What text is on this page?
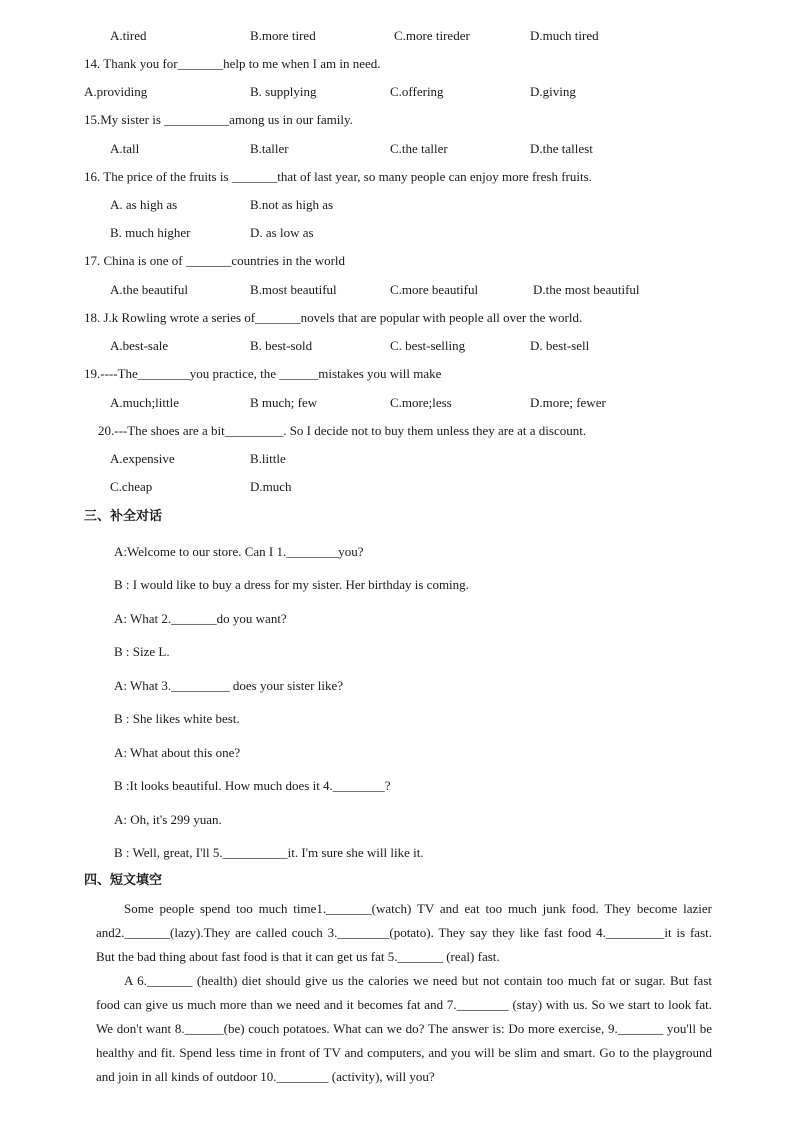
A.tired	B.more tired	C.more tireder	D.much tired
14. Thank you for_______help to me when I am in need.
A.providing	B. supplying	C.offering	D.giving
15.My sister is __________among us in our family.
A.tall	B.taller	C.the taller	D.the tallest
16. The price of the fruits is _______that of last year, so many people can enjoy more fresh fruits.
A. as high as	B.not as high as
B. much higher	D. as low as
17. China is one of _______countries in the world
A.the beautiful	B.most beautiful	C.more beautiful	D.the most beautiful
18. J.k Rowling wrote a series of_______novels that are popular with people all over the world.
A.best-sale	B. best-sold	C. best-selling	D. best-sell
19.----The________you practice, the ______mistakes you will make
A.much;little	B much; few	C.more;less	D.more; fewer
20.---The shoes are a bit_________. So I decide not to buy them unless they are at a discount.
A.expensive	B.little
C.cheap	D.much
三、补全对话
A:Welcome to our store. Can I 1.________you?
B : I would like to buy a dress for my sister. Her birthday is coming.
A: What 2._______do you want?
B : Size L.
A: What 3._________ does your sister like?
B : She likes white best.
A: What about this one?
B :It looks beautiful. How much does it 4.________?
A: Oh, it's 299 yuan.
B : Well, great, I'll 5.__________it. I'm sure she will like it.
四、短文填空
Some people spend too much time1._______(watch) TV and eat too much junk food. They become lazier and2._______(lazy).They are called couch 3.________(potato). They say they like fast food 4._________it is fast. But the bad thing about fast food is that it can get us fat 5._______ (real) fast.
A 6._______ (health) diet should give us the calories we need but not contain too much fat or sugar. But fast food can give us much more than we need and it becomes fat and 7.________ (stay) with us. So we start to look fat. We don't want 8.______(be) couch potatoes. What can we do? The answer is: Do more exercise, 9._______ you'll be healthy and fit. Spend less time in front of TV and computers, and you will be slim and smart. Go to the playground and join in all kinds of outdoor 10.________ (activity), will you?
